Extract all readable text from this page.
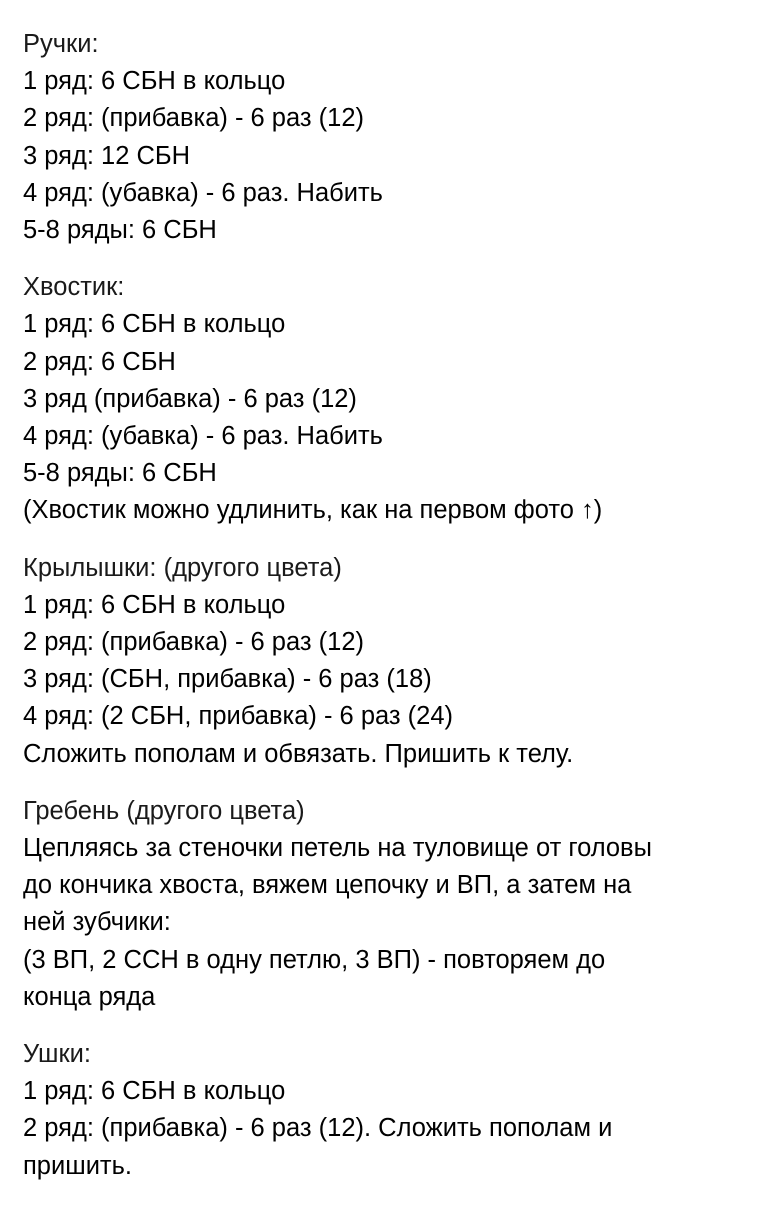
Ручки:

1 ряд: 6 СБН в кольцо

2 ряд: (прибавка) - 6 раз (12)

3 ряд: 12 СБН

4 ряд: (убавка) - 6 раз. Набить

5-8 ряды: 6 СБН

Хвостик:

1 ряд: 6 СБН в кольцо

2 ряд: 6 СБН

3 ряд (прибавка) - 6 раз (12)

4 ряд: (убавка) - 6 раз. Набить

5-8 ряды: 6 СБН

(Хвостик можно удлинить, как на первом фото ↑)

Крылышки: (другого цвета)

1 ряд: 6 СБН в кольцо

2 ряд: (прибавка) - 6 раз (12)

3 ряд: (СБН, прибавка) - 6 раз (18)

4 ряд: (2 СБН, прибавка) - 6 раз (24)

Сложить пополам и обвязать. Пришить к телу.

Гребень (другого цвета)

Цепляясь за стеночки петель на туловище от головы

до кончика хвоста, вяжем цепочку и ВП, а затем на

ней зубчики:

(3 ВП, 2 ССН в одну петлю, 3 ВП) - повторяем до

конца ряда

Ушки:

1 ряд: 6 СБН в кольцо

2 ряд: (прибавка) - 6 раз (12). Сложить пополам и

пришить.
